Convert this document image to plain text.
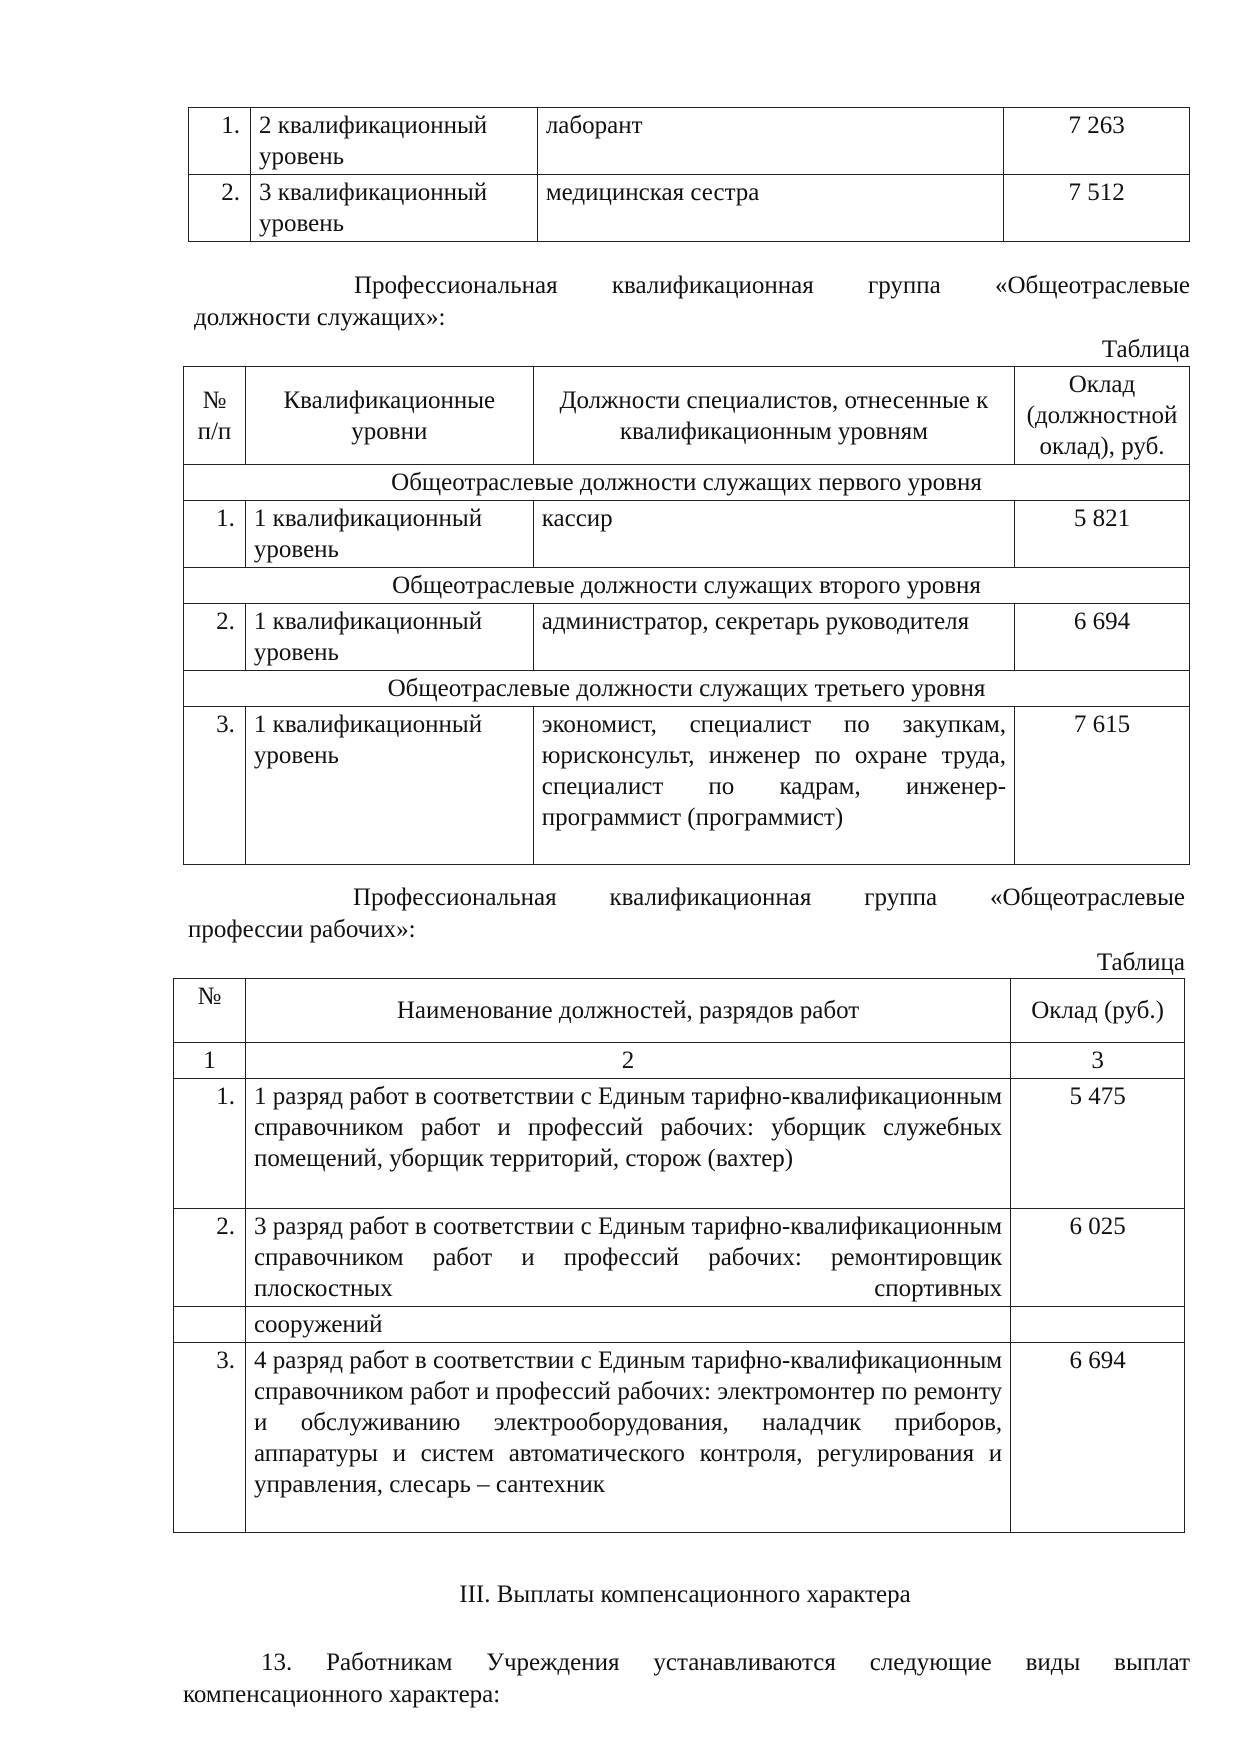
1.	2 квалификационный уровень	лаборант	7 263
2.	3 квалификационный уровень	медицинская сестра	7 512
Профессиональная квалификационная группа «Общеотраслевые
должности служащих»:
Таблица
№ п/п	Квалификационные уровни	Должности специалистов, отнесенные к квалификационным уровням	Оклад (должностной оклад), руб.
Общеотраслевые должности служащих первого уровня			
1.	1 квалификационный уровень	кассир	5 821
Общеотраслевые должности служащих второго уровня			
2.	1 квалификационный уровень	администратор, секретарь руководителя	6 694
Общеотраслевые должности служащих третьего уровня			
3.	1 квалификационный уровень	экономист, специалист по закупкам, юрисконсульт, инженер по охране труда, специалист по кадрам, инженер-программист (программист)	7 615
Профессиональная квалификационная группа «Общеотраслевые
профессии рабочих»:
Таблица
№	Наименование должностей, разрядов работ	Оклад (руб.)
1	2	3
1.	1 разряд работ в соответствии с Единым тарифно-квалификационным справочником работ и профессий рабочих: уборщик служебных помещений, уборщик территорий, сторож (вахтер)	5 475
2.	3 разряд работ в соответствии с Единым тарифно-квалификационным справочником работ и профессий рабочих: ремонтировщик плоскостных спортивных	6 025
	сооружений	
3.	4 разряд работ в соответствии с Единым тарифно-квалификационным справочником работ и профессий рабочих: электромонтер по ремонту и обслуживанию электрооборудования, наладчик приборов, аппаратуры и систем автоматического контроля, регулирования и управления, слесарь – сантехник	6 694
III. Выплаты компенсационного характера
13. Работникам Учреждения устанавливаются следующие виды выплат
компенсационного характера:
